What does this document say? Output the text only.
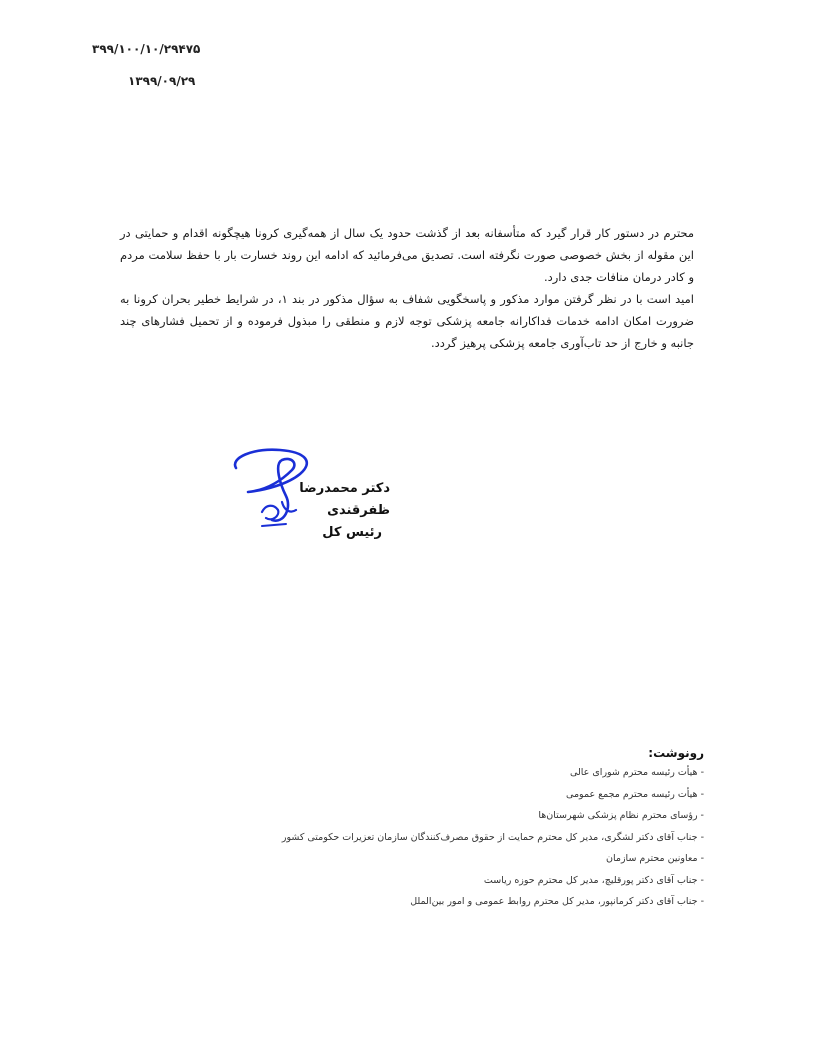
۳۹۹/۱۰۰/۱۰/۲۹۴۷۵
۱۳۹۹/۰۹/۲۹

محترم در دستور کار قرار گیرد که متأسفانه بعد از گذشت حدود یک سال از همه‌گیری کرونا هیچگونه اقدام و حمایتی در این مقوله از بخش خصوصی صورت نگرفته است. تصدیق می‌فرمائید که ادامه این روند خسارت بار با حفظ سلامت مردم و کادر درمان منافات جدی دارد.

امید است با در نظر گرفتن موارد مذکور و پاسخگویی شفاف به سؤال مذکور در بند ۱، در شرایط خطیر بحران کرونا به ضرورت امکان ادامه خدمات فداکارانه جامعه پزشکی توجه لازم و منطقی را مبذول فرموده و از تحمیل فشارهای چند جانبه و خارج از حد تاب‌آوری جامعه پزشکی پرهیز گردد.

دکتر محمدرضا ظفرقندی
رئیس کل
رونوشت:
- هیأت رئیسه محترم شورای عالی
- هیأت رئیسه محترم مجمع عمومی
- رؤسای محترم نظام پزشکی شهرستان‌ها
- جناب آقای دکتر لشگری، مدیر کل محترم حمایت از حقوق مصرف‌کنندگان سازمان تعزیرات حکومتی کشور
- معاونین محترم سازمان
- جناب آقای دکتر پورقلیچ، مدیر کل محترم حوزه ریاست
- جناب آقای دکتر کرمانپور، مدیر کل محترم روابط عمومی و امور بین‌الملل
